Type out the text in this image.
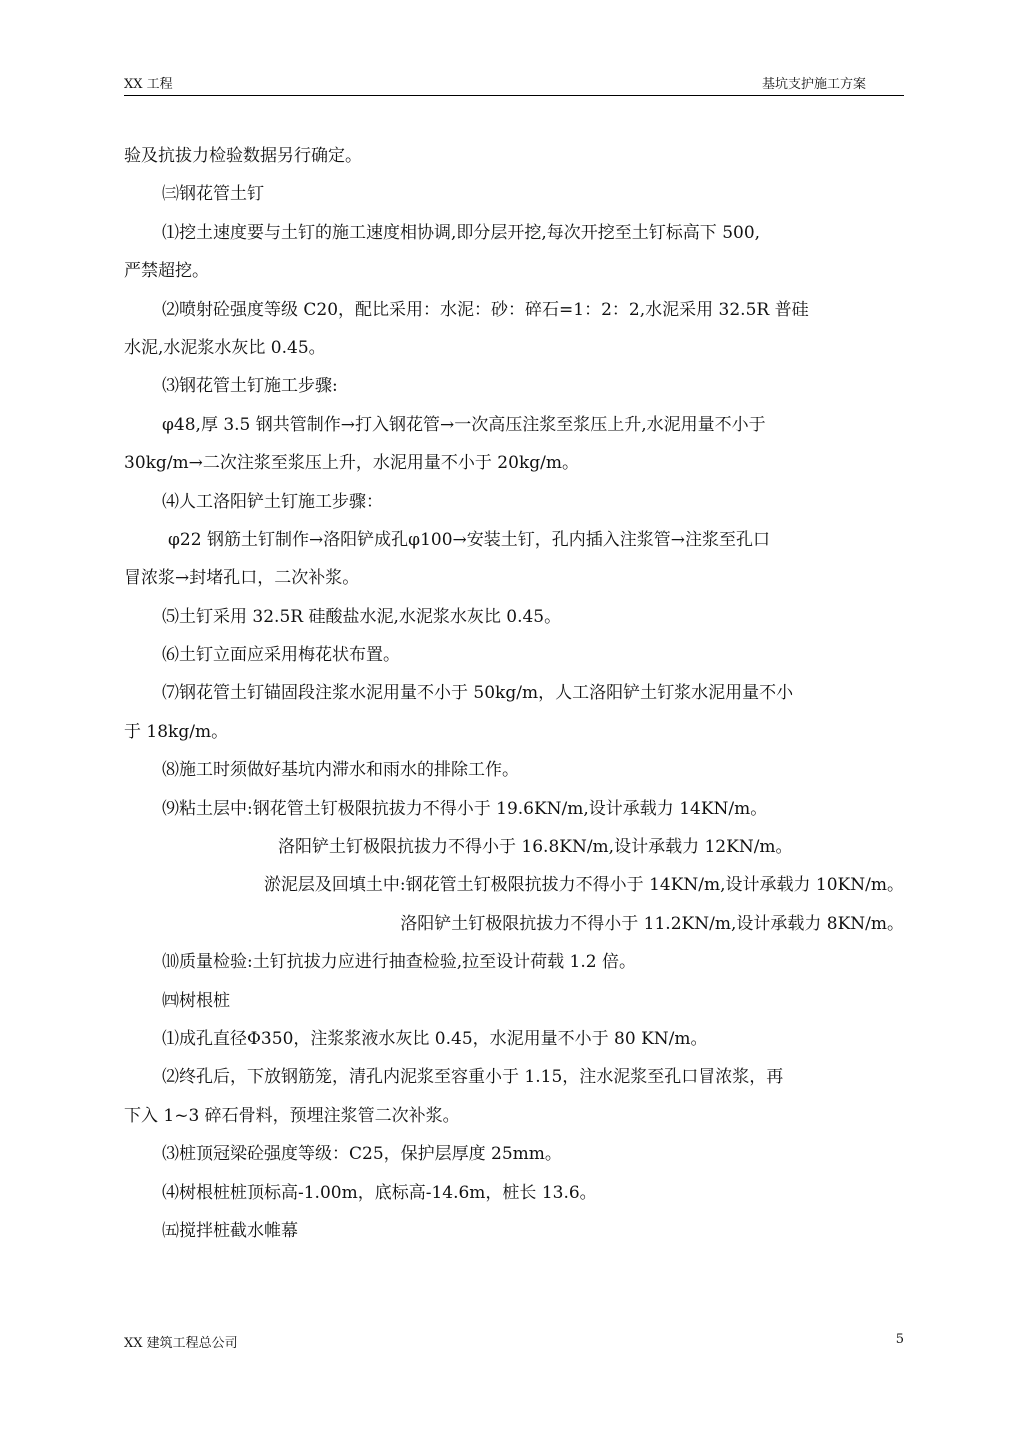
XX 工程	基坑支护施工方案
验及抗拔力检验数据另行确定。
㈢钢花管土钉
⑴挖土速度要与土钉的施工速度相协调,即分层开挖,每次开挖至土钉标高下 500,
严禁超挖。
⑵喷射砼强度等级 C20，配比采用：水泥：砂：碎石=1：2：2,水泥采用 32.5R 普硅
水泥,水泥浆水灰比 0.45。
⑶钢花管土钉施工步骤:
φ48,厚 3.5 钢共管制作→打入钢花管→一次高压注浆至浆压上升,水泥用量不小于
30kg/m→二次注浆至浆压上升，水泥用量不小于 20kg/m。
⑷人工洛阳铲土钉施工步骤：
φ22 钢筋土钉制作→洛阳铲成孔φ100→安装土钉，孔内插入注浆管→注浆至孔口
冒浓浆→封堵孔口，二次补浆。
⑸土钉采用 32.5R 硅酸盐水泥,水泥浆水灰比 0.45。
⑹土钉立面应采用梅花状布置。
⑺钢花管土钉锚固段注浆水泥用量不小于 50kg/m，人工洛阳铲土钉浆水泥用量不小
于 18kg/m。
⑻施工时须做好基坑内滞水和雨水的排除工作。
⑼粘土层中:钢花管土钉极限抗拔力不得小于 19.6KN/m,设计承载力 14KN/m。
洛阳铲土钉极限抗拔力不得小于 16.8KN/m,设计承载力 12KN/m。
淤泥层及回填土中:钢花管土钉极限抗拔力不得小于 14KN/m,设计承载力 10KN/m。
洛阳铲土钉极限抗拔力不得小于 11.2KN/m,设计承载力 8KN/m。
⑽质量检验:土钉抗拔力应进行抽查检验,拉至设计荷载 1.2 倍。
㈣树根桩
⑴成孔直径Φ350，注浆浆液水灰比 0.45，水泥用量不小于 80 KN/m。
⑵终孔后，下放钢筋笼，清孔内泥浆至容重小于 1.15，注水泥浆至孔口冒浓浆，再
下入 1~3 碎石骨料，预埋注浆管二次补浆。
⑶桩顶冠梁砼强度等级：C25，保护层厚度 25mm。
⑷树根桩桩顶标高-1.00m，底标高-14.6m，桩长 13.6。
㈤搅拌桩截水帷幕
XX 建筑工程总公司	5
